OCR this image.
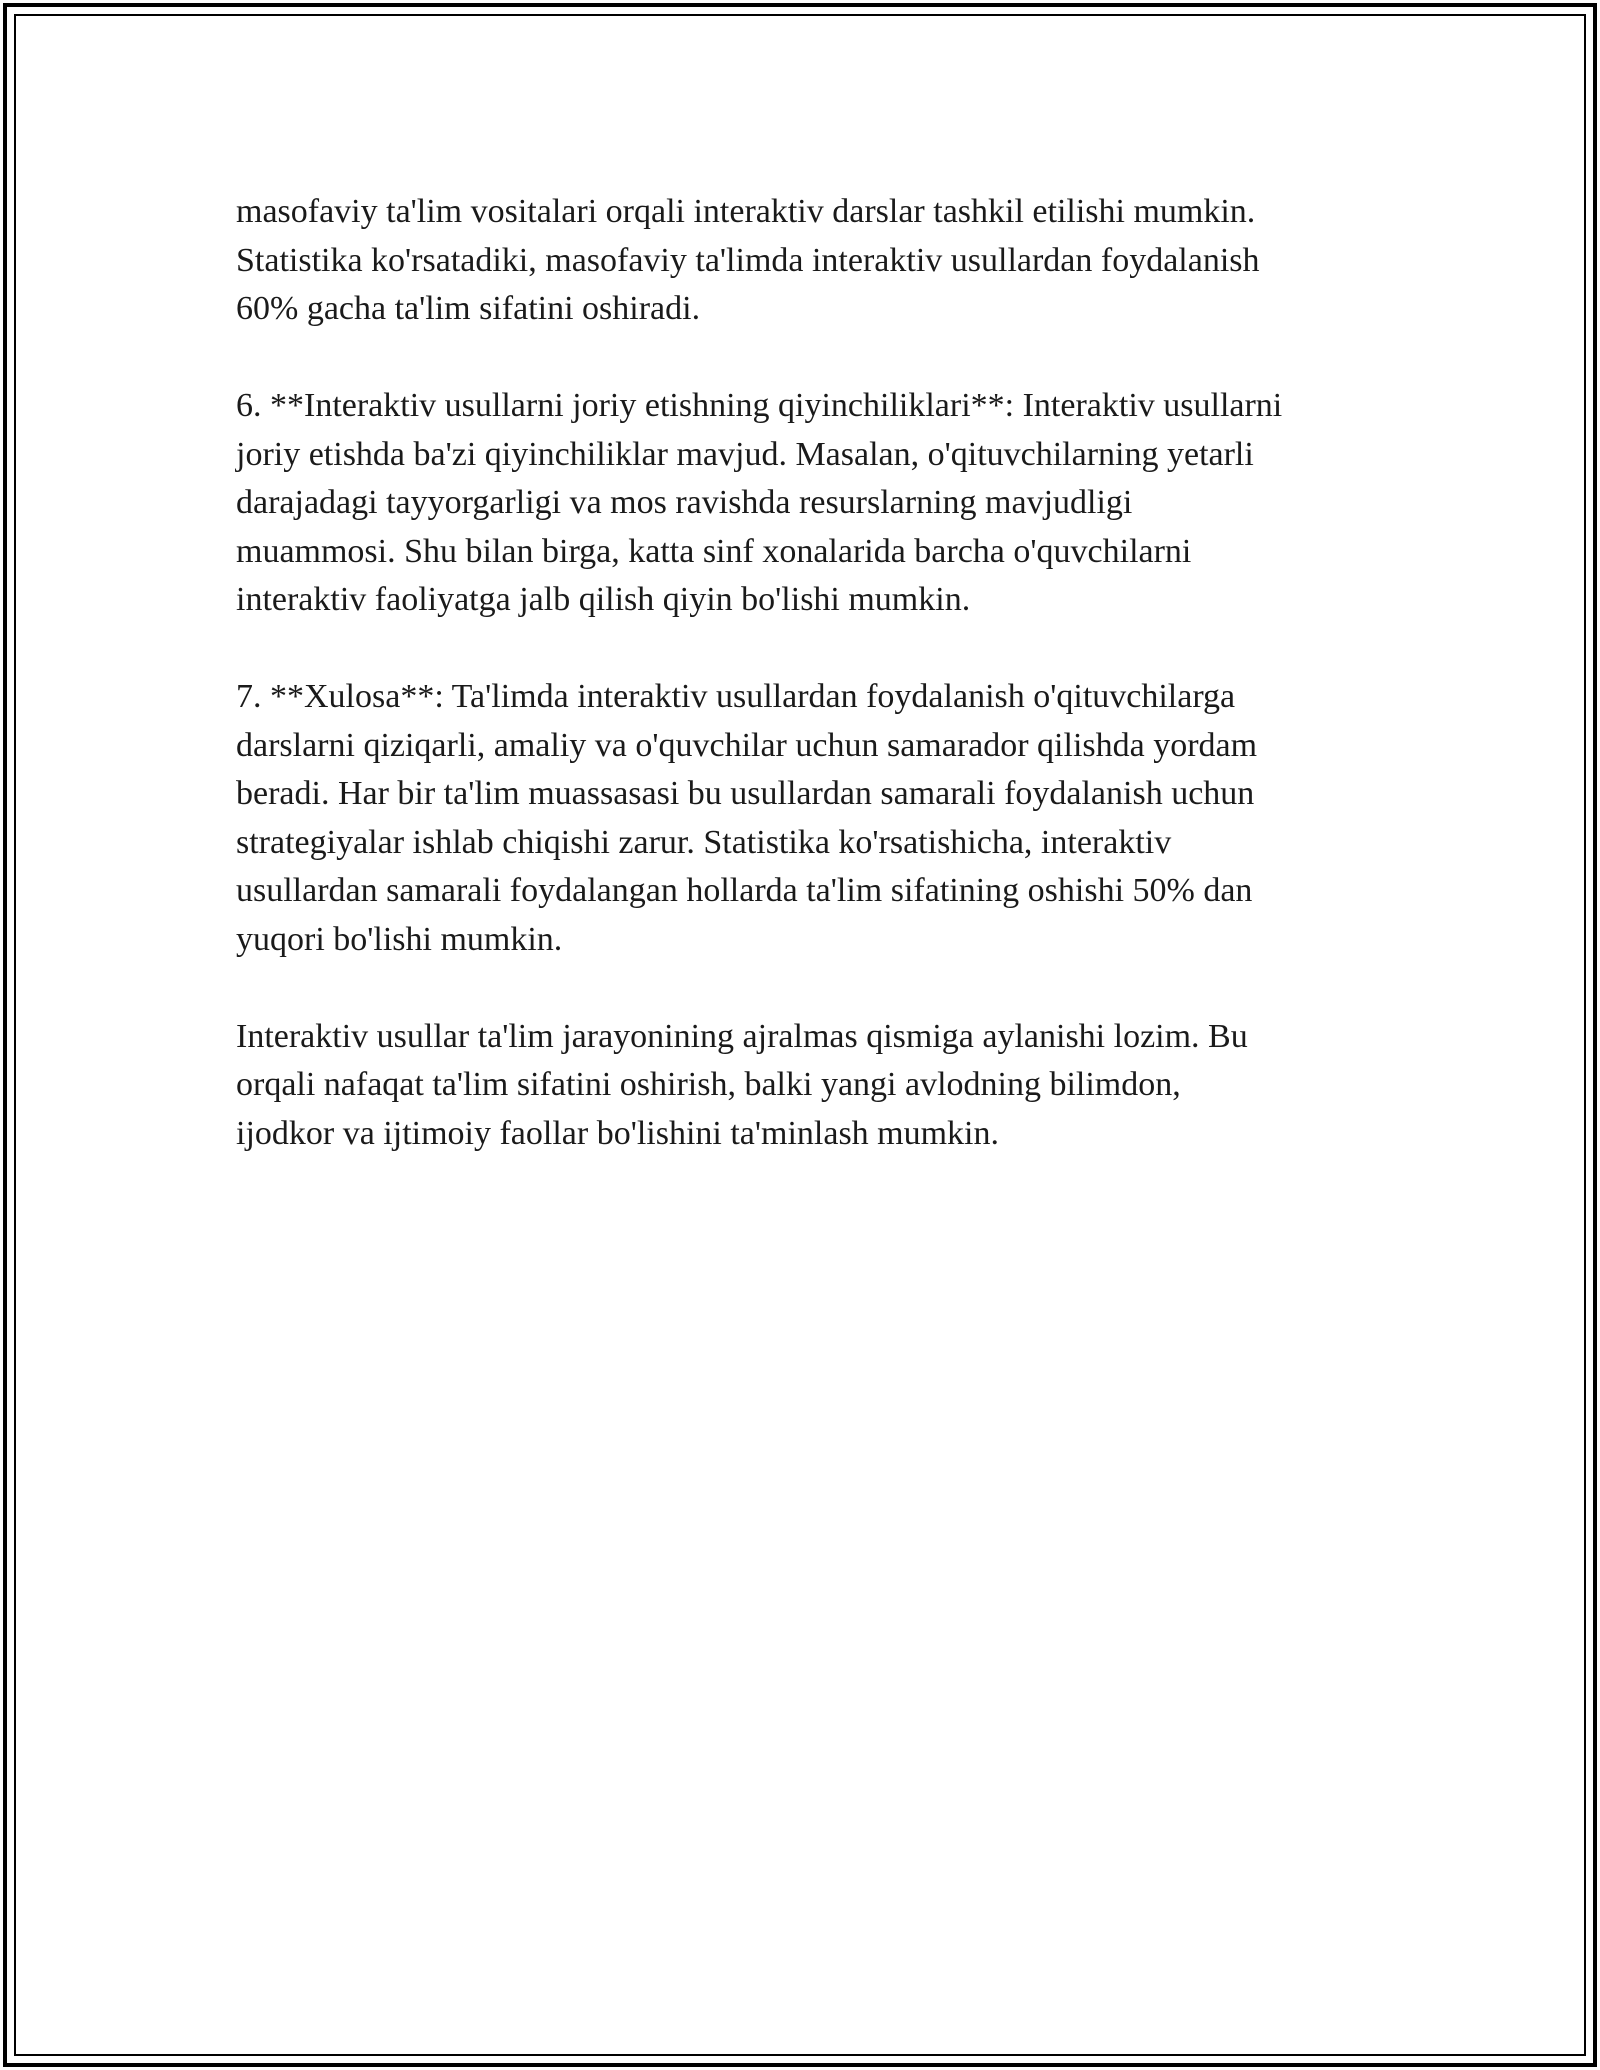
masofaviy ta'lim vositalari orqali interaktiv darslar tashkil etilishi mumkin.
Statistika ko'rsatadiki, masofaviy ta'limda interaktiv usullardan foydalanish
60% gacha ta'lim sifatini oshiradi.

6. **Interaktiv usullarni joriy etishning qiyinchiliklari**: Interaktiv usullarni
joriy etishda ba'zi qiyinchiliklar mavjud. Masalan, o'qituvchilarning yetarli
darajadagi tayyorgarligi va mos ravishda resurslarning mavjudligi
muammosi. Shu bilan birga, katta sinf xonalarida barcha o'quvchilarni
interaktiv faoliyatga jalb qilish qiyin bo'lishi mumkin.

7. **Xulosa**: Ta'limda interaktiv usullardan foydalanish o'qituvchilarga
darslarni qiziqarli, amaliy va o'quvchilar uchun samarador qilishda yordam
beradi. Har bir ta'lim muassasasi bu usullardan samarali foydalanish uchun
strategiyalar ishlab chiqishi zarur. Statistika ko'rsatishicha, interaktiv
usullardan samarali foydalangan hollarda ta'lim sifatining oshishi 50% dan
yuqori bo'lishi mumkin.

Interaktiv usullar ta'lim jarayonining ajralmas qismiga aylanishi lozim. Bu
orqali nafaqat ta'lim sifatini oshirish, balki yangi avlodning bilimdon,
ijodkor va ijtimoiy faollar bo'lishini ta'minlash mumkin.
